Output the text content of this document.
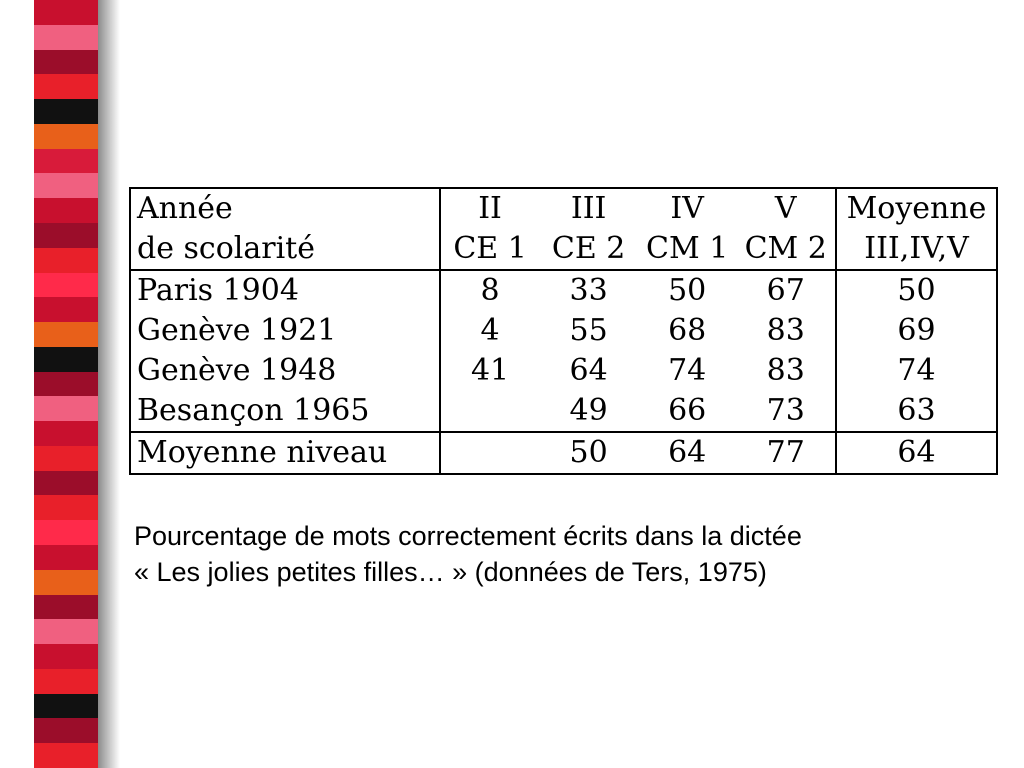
Année	II	III	IV	V	Moyenne
de scolarité	CE 1	CE 2	CM 1	CM 2	III,IV,V
Paris 1904	8	33	50	67	50
Genève 1921	4	55	68	83	69
Genève 1948	41	64	74	83	74
Besançon 1965		49	66	73	63
Moyenne niveau		50	64	77	64
Pourcentage de mots correctement écrits dans la dictée
« Les jolies petites filles… » (données de Ters, 1975)
